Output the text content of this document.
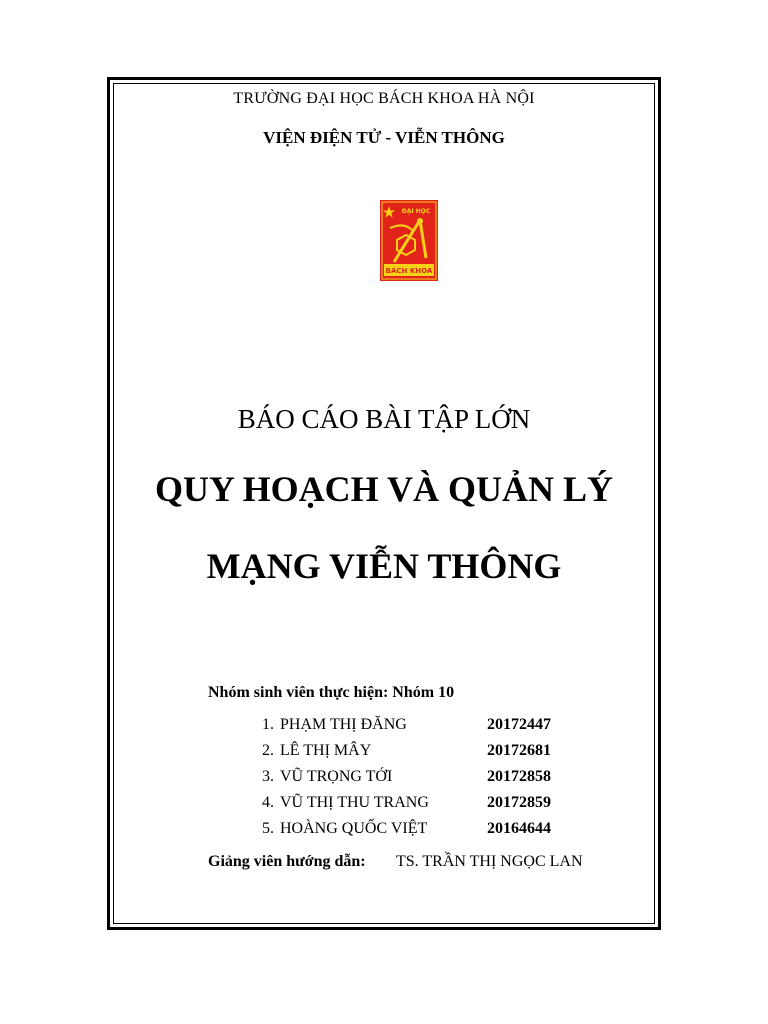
TRƯỜNG ĐẠI HỌC BÁCH KHOA HÀ NỘI
VIỆN ĐIỆN TỬ - VIỄN THÔNG
ĐẠI HỌC
BÁCH KHOA
BÁO CÁO BÀI TẬP LỚN
QUY HOẠCH VÀ QUẢN LÝ
MẠNG VIỄN THÔNG
Nhóm sinh viên thực hiện: Nhóm 10
1. PHẠM THỊ ĐĂNG	20172447
2. LÊ THỊ MÂY	20172681
3. VŨ TRỌNG TỚI	20172858
4. VŨ THỊ THU TRANG	20172859
5. HOÀNG QUỐC VIỆT	20164644
Giảng viên hướng dẫn: TS. TRẦN THỊ NGỌC LAN
